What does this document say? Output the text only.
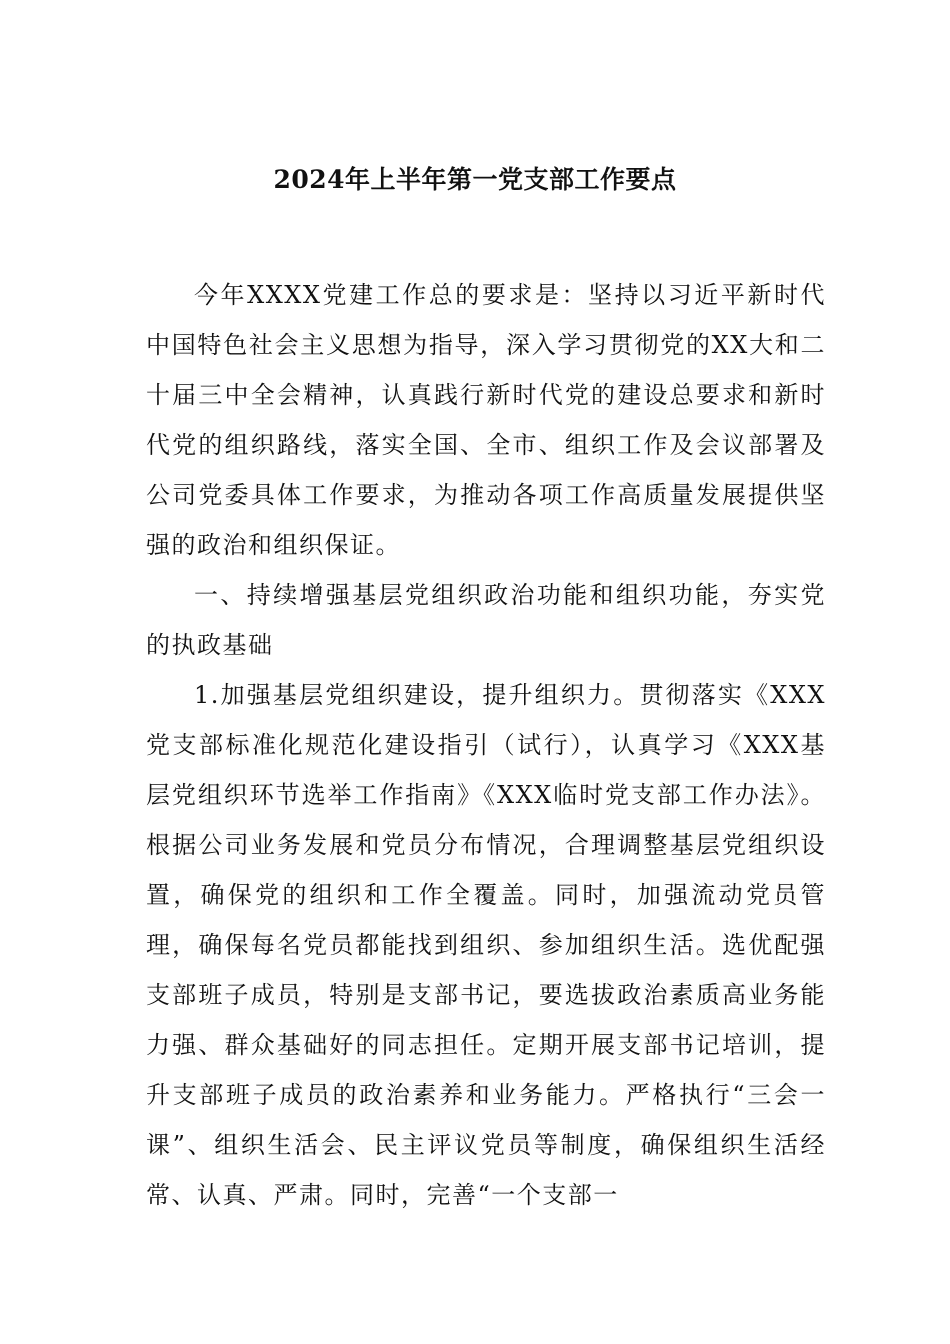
2024年上半年第一党支部工作要点

今年XXXX党建工作总的要求是：坚持以习近平新时代中国特色社会主义思想为指导，深入学习贯彻党的XX大和二十届三中全会精神，认真践行新时代党的建设总要求和新时代党的组织路线，落实全国、全市、组织工作及会议部署及公司党委具体工作要求，为推动各项工作高质量发展提供坚强的政治和组织保证。

一、持续增强基层党组织政治功能和组织功能，夯实党的执政基础

1.加强基层党组织建设，提升组织力。贯彻落实《XXX党支部标准化规范化建设指引（试行），认真学习《XXX基层党组织环节选举工作指南》《XXX临时党支部工作办法》。根据公司业务发展和党员分布情况，合理调整基层党组织设置，确保党的组织和工作全覆盖。同时，加强流动党员管理，确保每名党员都能找到组织、参加组织生活。选优配强支部班子成员，特别是支部书记，要选拔政治素质高业务能力强、群众基础好的同志担任。定期开展支部书记培训，提升支部班子成员的政治素养和业务能力。严格执行“三会一课”、组织生活会、民主评议党员等制度，确保组织生活经常、认真、严肃。同时，完善“一个支部一
